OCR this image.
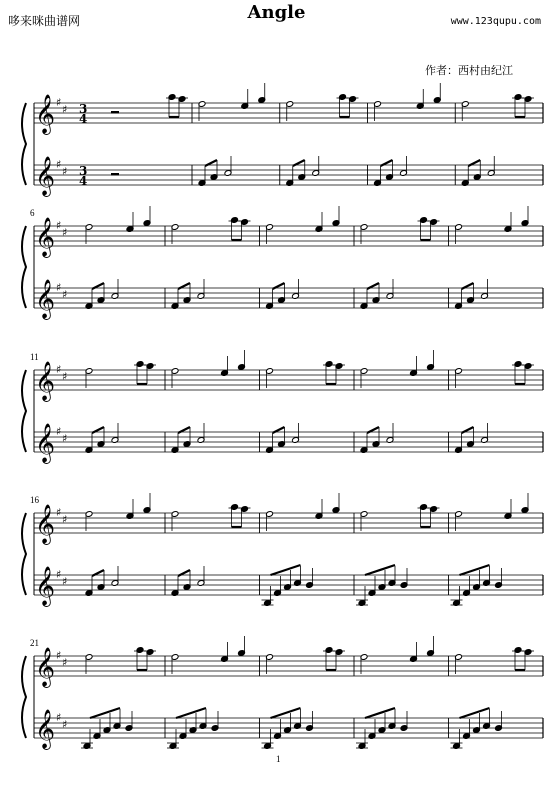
哆来咪曲谱网	Angle	www.123qupu.com
作者：西村由纪江
𝄞
𝄞
♯
♯
♯
♯
3
4
3
4
𝄞
𝄞
♯
♯
♯
♯
6
𝄞
𝄞
♯
♯
♯
♯
11
𝄞
𝄞
♯
♯
♯
♯
16
𝄞
𝄞
♯
♯
♯
♯
21
1
